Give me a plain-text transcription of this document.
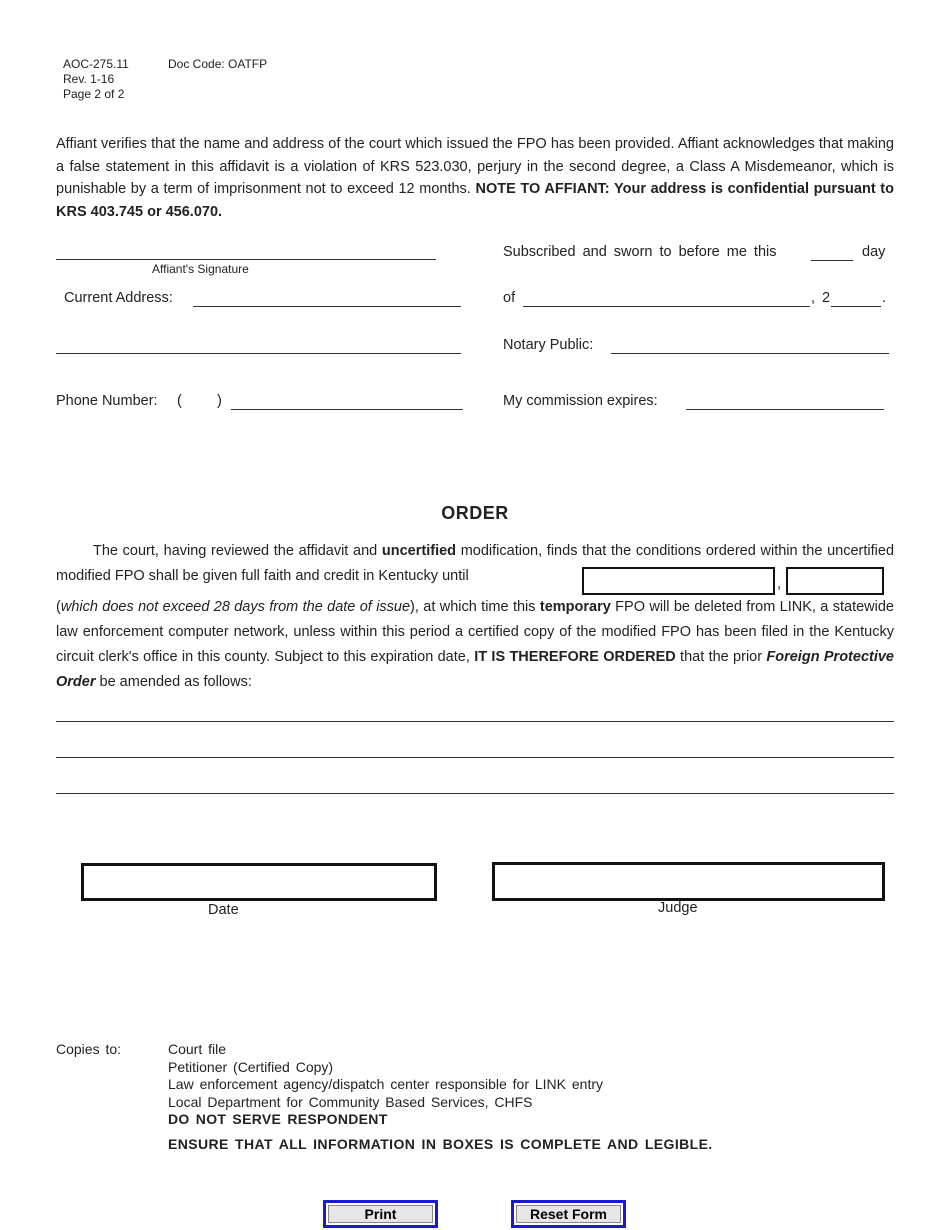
AOC-275.11	Doc Code: OATFP
Rev. 1-16
Page 2 of 2
Affiant verifies that the name and address of the court which issued the FPO has been provided. Affiant acknowledges that making a false statement in this affidavit is a violation of KRS 523.030, perjury in the second degree, a Class A Misdemeanor, which is punishable by a term of imprisonment not to exceed 12 months. NOTE TO AFFIANT: Your address is confidential pursuant to KRS 403.745 or 456.070.
Affiant's Signature
Current Address:
Phone Number: ( )
Subscribed and sworn to before me this	day
of	, 2	.
Notary Public:
My commission expires:
ORDER
The court, having reviewed the affidavit and uncertified modification, finds that the conditions ordered within the uncertified modified FPO shall be given full faith and credit in Kentucky until	,
(which does not exceed 28 days from the date of issue), at which time this temporary FPO will be deleted from LINK, a statewide law enforcement computer network, unless within this period a certified copy of the modified FPO has been filed in the Kentucky circuit clerk's office in this county. Subject to this expiration date, IT IS THEREFORE ORDERED that the prior Foreign Protective Order be amended as follows:
Date	Judge
Copies to:	Court file
Petitioner (Certified Copy)
Law enforcement agency/dispatch center responsible for LINK entry
Local Department for Community Based Services, CHFS
DO NOT SERVE RESPONDENT
ENSURE THAT ALL INFORMATION IN BOXES IS COMPLETE AND LEGIBLE.
Print	Reset Form
